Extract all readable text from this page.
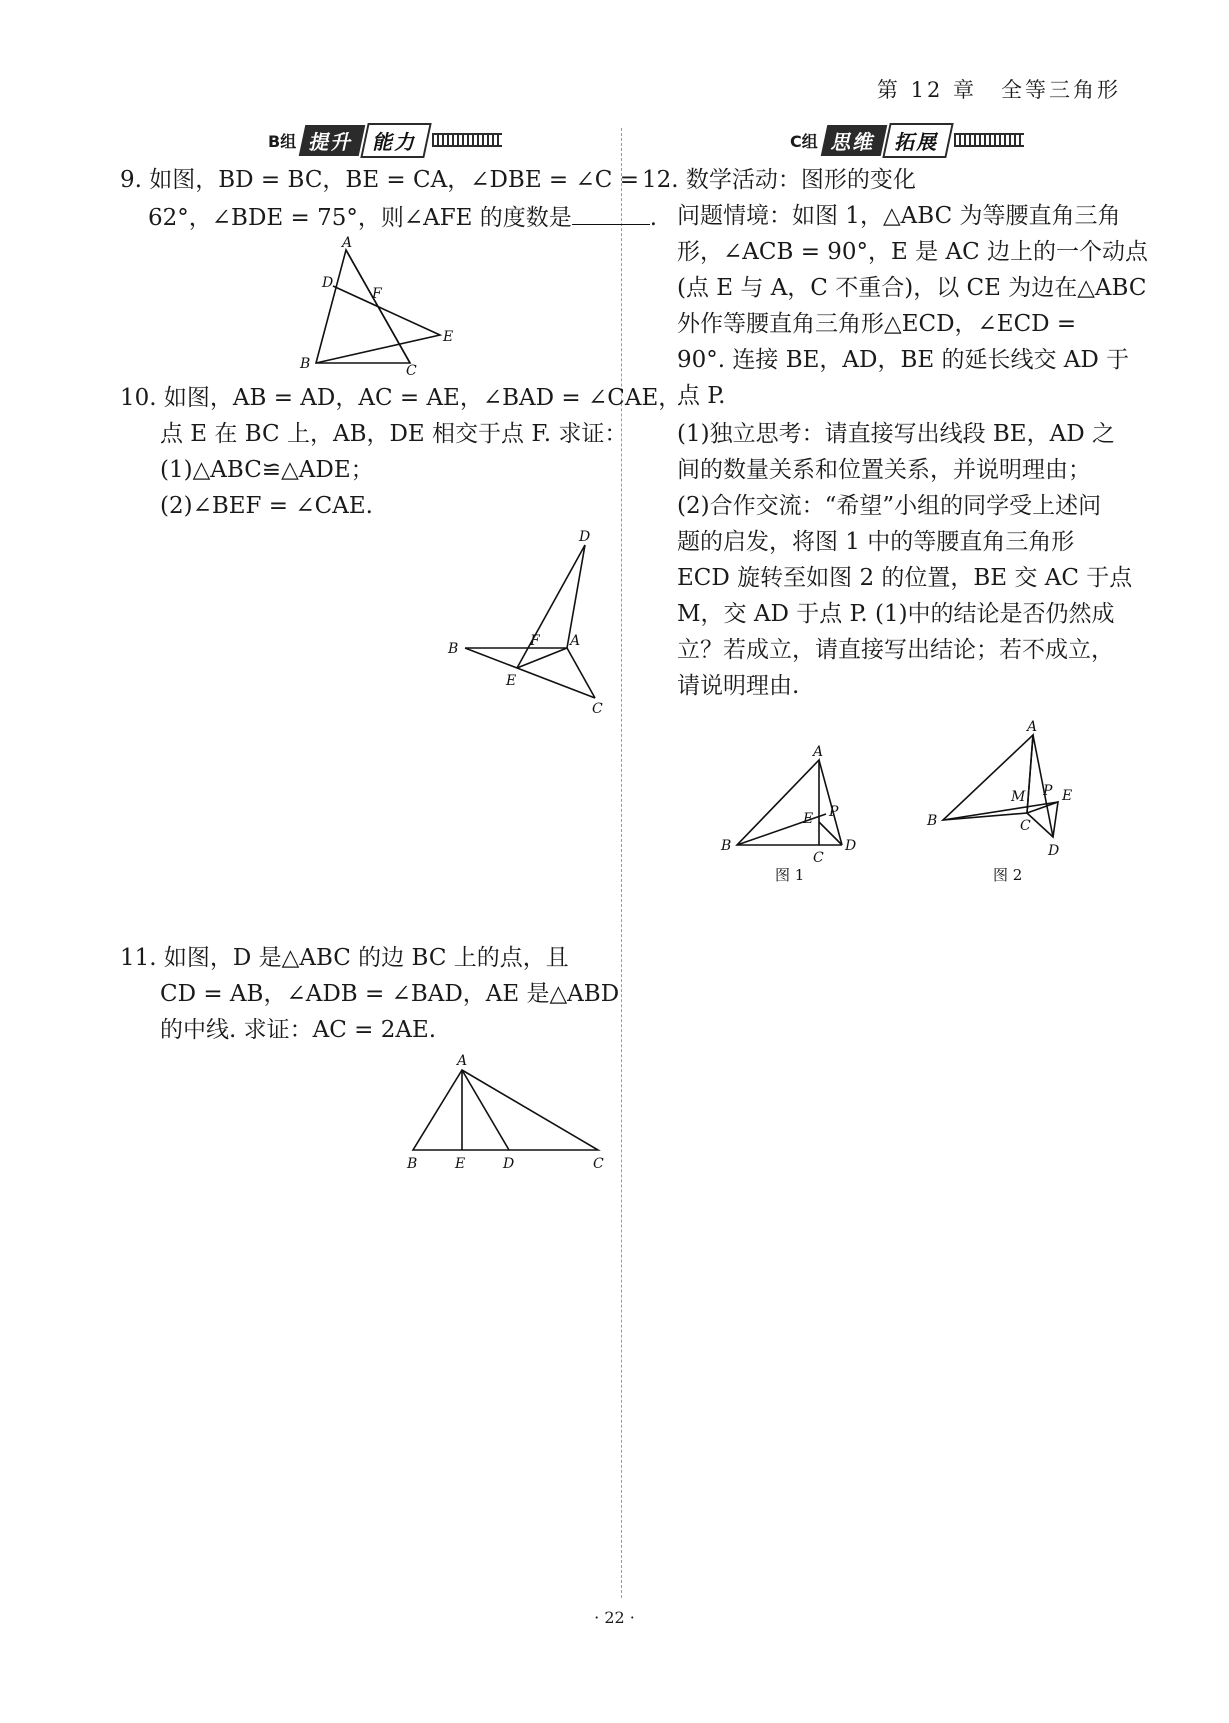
第 12 章　全等三角形
B组 提升 能力	C组 思维 拓展
9. 如图，BD = BC，BE = CA，∠DBE = ∠C =
62°，∠BDE = 75°，则∠AFE 的度数是	.
A
D
F
E
B	C
10. 如图，AB = AD，AC = AE，∠BAD = ∠CAE，
点 E 在 BC 上，AB，DE 相交于点 F. 求证：
(1)△ABC≌△ADE；
(2)∠BEF = ∠CAE.
D
B	F A
E
C
11. 如图，D 是△ABC 的边 BC 上的点，且
CD = AB，∠ADB = ∠BAD，AE 是△ABD
的中线. 求证：AC = 2AE.
A
B	E	D	C
12. 数学活动：图形的变化
问题情境：如图 1，△ABC 为等腰直角三角
形，∠ACB = 90°，E 是 AC 边上的一个动点
(点 E 与 A，C 不重合)，以 CE 为边在△ABC
外作等腰直角三角形△ECD，∠ECD =
90°. 连接 BE，AD，BE 的延长线交 AD 于
点 P.
(1)独立思考：请直接写出线段 BE，AD 之
间的数量关系和位置关系，并说明理由；
(2)合作交流：“希望”小组的同学受上述问
题的启发，将图 1 中的等腰直角三角形
ECD 旋转至如图 2 的位置，BE 交 AC 于点
M，交 AD 于点 P. (1)中的结论是否仍然成
立？若成立，请直接写出结论；若不成立，
请说明理由.
A
E P
B
C
D
图 1
A
M P E
B	C
D
图 2
· 22 ·
